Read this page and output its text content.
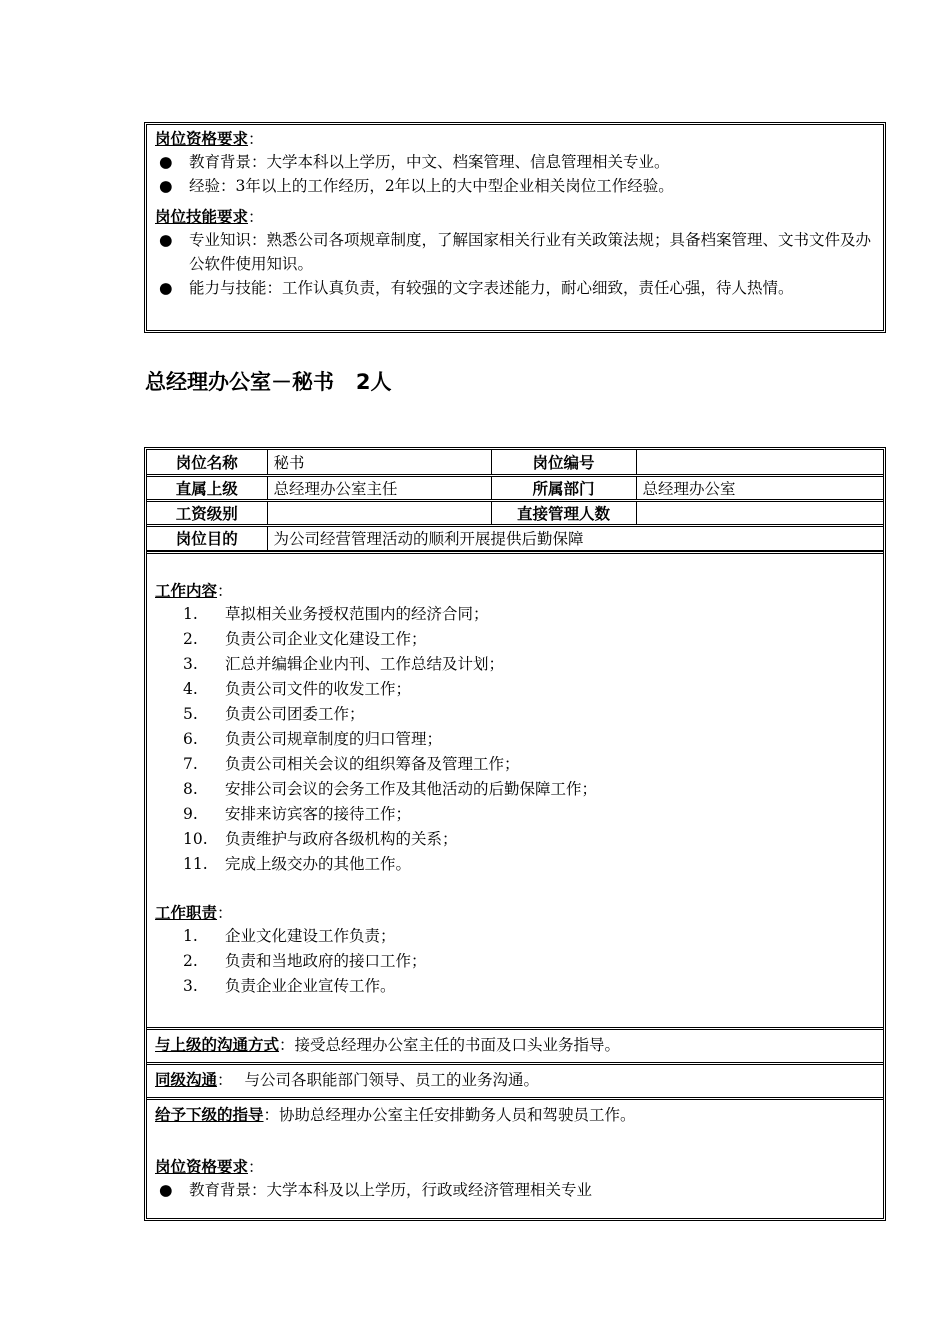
岗位资格要求：
● 教育背景：大学本科以上学历，中文、档案管理、信息管理相关专业。
● 经验：3年以上的工作经历，2年以上的大中型企业相关岗位工作经验。
岗位技能要求：
● 专业知识：熟悉公司各项规章制度，了解国家相关行业有关政策法规；具备档案管理、文书文件及办公软件使用知识。
● 能力与技能：工作认真负责，有较强的文字表述能力，耐心细致，责任心强，待人热情。
总经理办公室－秘书   2人
岗位名称	秘书	岗位编号	
直属上级	总经理办公室主任	所属部门	总经理办公室
工资级别		直接管理人数	
岗位目的	为公司经营管理活动的顺利开展提供后勤保障		
工作内容：
1. 草拟相关业务授权范围内的经济合同；
2. 负责公司企业文化建设工作；
3. 汇总并编辑企业内刊、工作总结及计划；
4. 负责公司文件的收发工作；
5. 负责公司团委工作；
6. 负责公司规章制度的归口管理；
7. 负责公司相关会议的组织筹备及管理工作；
8. 安排公司会议的会务工作及其他活动的后勤保障工作；
9. 安排来访宾客的接待工作；
10. 负责维护与政府各级机构的关系；
11. 完成上级交办的其他工作。
工作职责：
1. 企业文化建设工作负责；
2. 负责和当地政府的接口工作；
3. 负责企业企业宣传工作。
与上级的沟通方式：接受总经理办公室主任的书面及口头业务指导。
同级沟通： 与公司各职能部门领导、员工的业务沟通。
给予下级的指导：协助总经理办公室主任安排勤务人员和驾驶员工作。
岗位资格要求：
● 教育背景：大学本科及以上学历，行政或经济管理相关专业
